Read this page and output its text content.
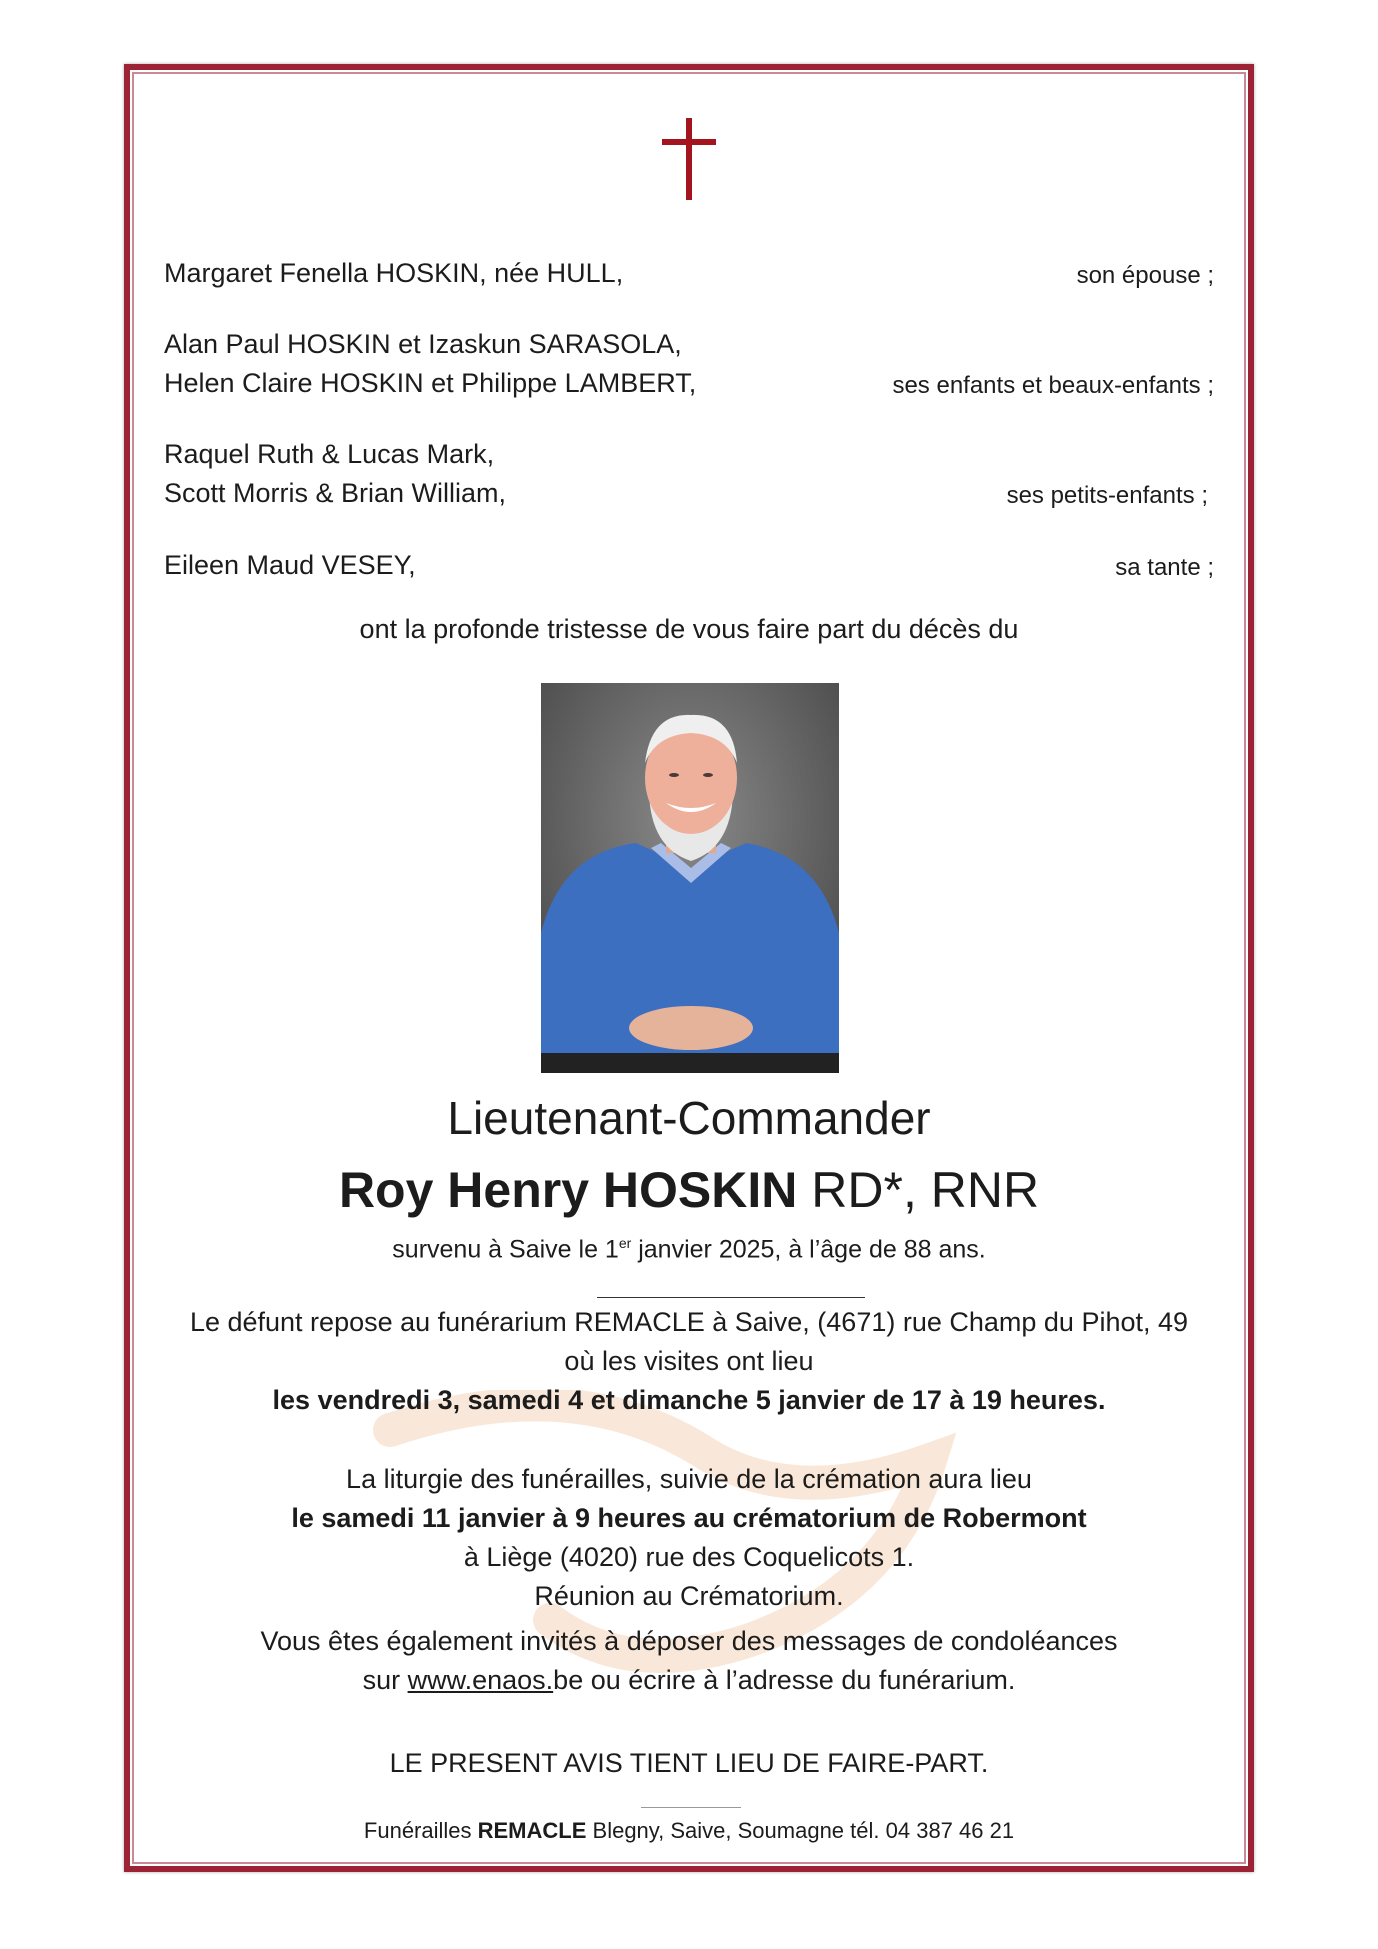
Margaret Fenella HOSKIN, née HULL,	son épouse ;
Alan Paul HOSKIN et Izaskun SARASOLA,
Helen Claire HOSKIN et Philippe LAMBERT,	ses enfants et beaux-enfants ;
Raquel Ruth & Lucas Mark,
Scott Morris & Brian William,	ses petits-enfants ;
Eileen Maud VESEY,	sa tante ;
ont la profonde tristesse de vous faire part du décès du
Lieutenant-Commander
Roy Henry HOSKIN RD*, RNR
survenu à Saive le 1er janvier 2025, à l’âge de 88 ans.
Le défunt repose au funérarium REMACLE à Saive, (4671) rue Champ du Pihot, 49
où les visites ont lieu
les vendredi 3, samedi 4 et dimanche 5 janvier de 17 à 19 heures.
La liturgie des funérailles, suivie de la crémation aura lieu
le samedi 11 janvier à 9 heures au crématorium de Robermont
à Liège (4020) rue des Coquelicots 1.
Réunion au Crématorium.
Vous êtes également invités à déposer des messages de condoléances
sur www.enaos.be ou écrire à l’adresse du funérarium.
LE PRESENT AVIS TIENT LIEU DE FAIRE-PART.
Funérailles REMACLE Blegny, Saive, Soumagne tél. 04 387 46 21
